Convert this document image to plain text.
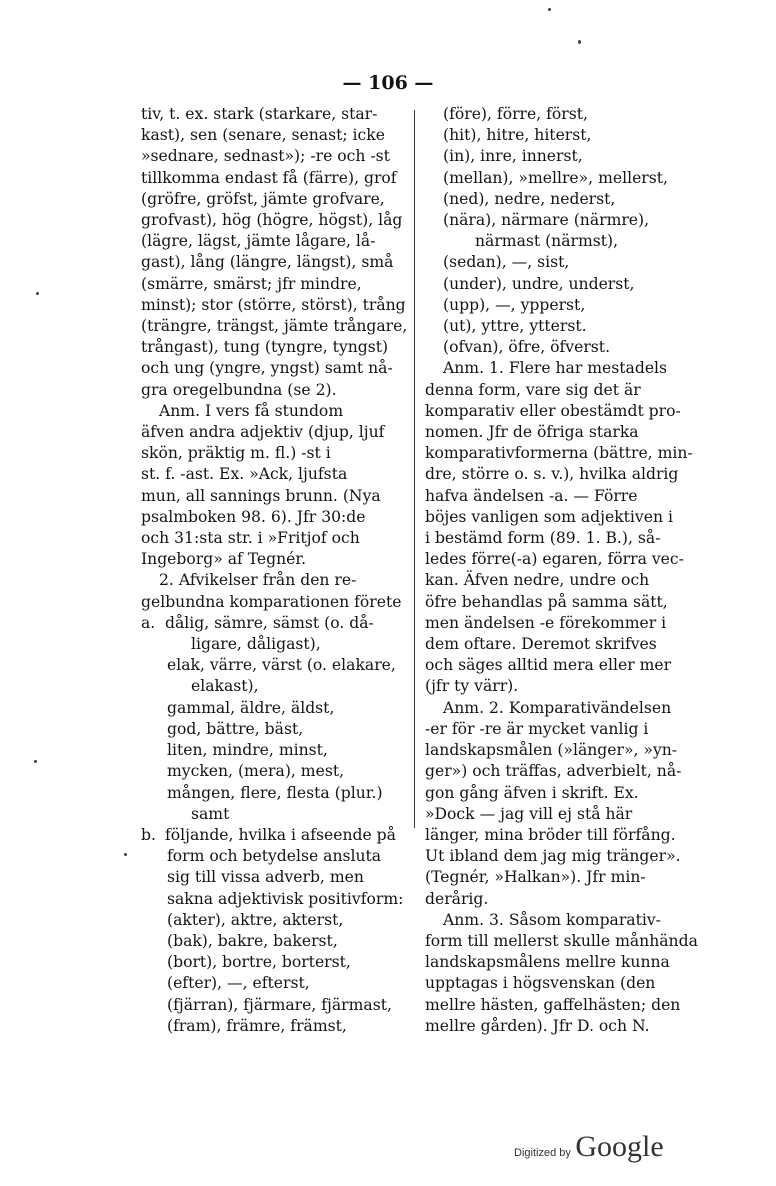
— 106 —
tiv, t. ex. stark (starkare, star-
kast), sen (senare, senast; icke
»sednare, sednast»); -re och -st
tillkomma endast få (färre), grof
(gröfre, gröfst, jämte grofvare,
grofvast), hög (högre, högst), låg
(lägre, lägst, jämte lågare, lå-
gast), lång (längre, längst), små
(smärre, smärst; jfr mindre,
minst); stor (större, störst), trång
(trängre, trängst, jämte trångare,
trångast), tung (tyngre, tyngst)
och ung (yngre, yngst) samt nå-
gra oregelbundna (se 2).
Anm. I vers få stundom
äfven andra adjektiv (djup, ljuf
skön, präktig m. fl.) -st i
st. f. -ast. Ex. »Ack, ljufsta
mun, all sannings brunn. (Nya
psalmboken 98. 6). Jfr 30:de
och 31:sta str. i »Fritjof och
Ingeborg» af Tegnér.
2. Afvikelser från den re-
gelbundna komparationen förete
a. dålig, sämre, sämst (o. då-
ligare, dåligast),
elak, värre, värst (o. elakare,
elakast),
gammal, äldre, äldst,
god, bättre, bäst,
liten, mindre, minst,
mycken, (mera), mest,
mången, flere, flesta (plur.)
samt
b. följande, hvilka i afseende på
form och betydelse ansluta
sig till vissa adverb, men
sakna adjektivisk positivform:
(akter), aktre, akterst,
(bak), bakre, bakerst,
(bort), bortre, borterst,
(efter), —, efterst,
(fjärran), fjärmare, fjärmast,
(fram), främre, främst,
(före), förre, först,
(hit), hitre, hiterst,
(in), inre, innerst,
(mellan), »mellre», mellerst,
(ned), nedre, nederst,
(nära), närmare (närmre),
närmast (närmst),
(sedan), —, sist,
(under), undre, underst,
(upp), —, ypperst,
(ut), yttre, ytterst.
(ofvan), öfre, öfverst.
Anm. 1. Flere har mestadels
denna form, vare sig det är
komparativ eller obestämdt pro-
nomen. Jfr de öfriga starka
komparativformerna (bättre, min-
dre, större o. s. v.), hvilka aldrig
hafva ändelsen -a. — Förre
böjes vanligen som adjektiven i
i bestämd form (89. 1. B.), så-
ledes förre(-a) egaren, förra vec-
kan. Äfven nedre, undre och
öfre behandlas på samma sätt,
men ändelsen -e förekommer i
dem oftare. Deremot skrifves
och säges alltid mera eller mer
(jfr ty värr).
Anm. 2. Komparativändelsen
-er för -re är mycket vanlig i
landskapsmålen (»länger», »yn-
ger») och träffas, adverbielt, nå-
gon gång äfven i skrift. Ex.
»Dock — jag vill ej stå här
länger, mina bröder till förfång.
Ut ibland dem jag mig tränger».
(Tegnér, »Halkan»). Jfr min-
derårig.
Anm. 3. Såsom komparativ-
form till mellerst skulle månhända
landskapsmålens mellre kunna
upptagas i högsvenskan (den
mellre hästen, gaffelhästen; den
mellre gården). Jfr D. och N.
Digitized by Google
